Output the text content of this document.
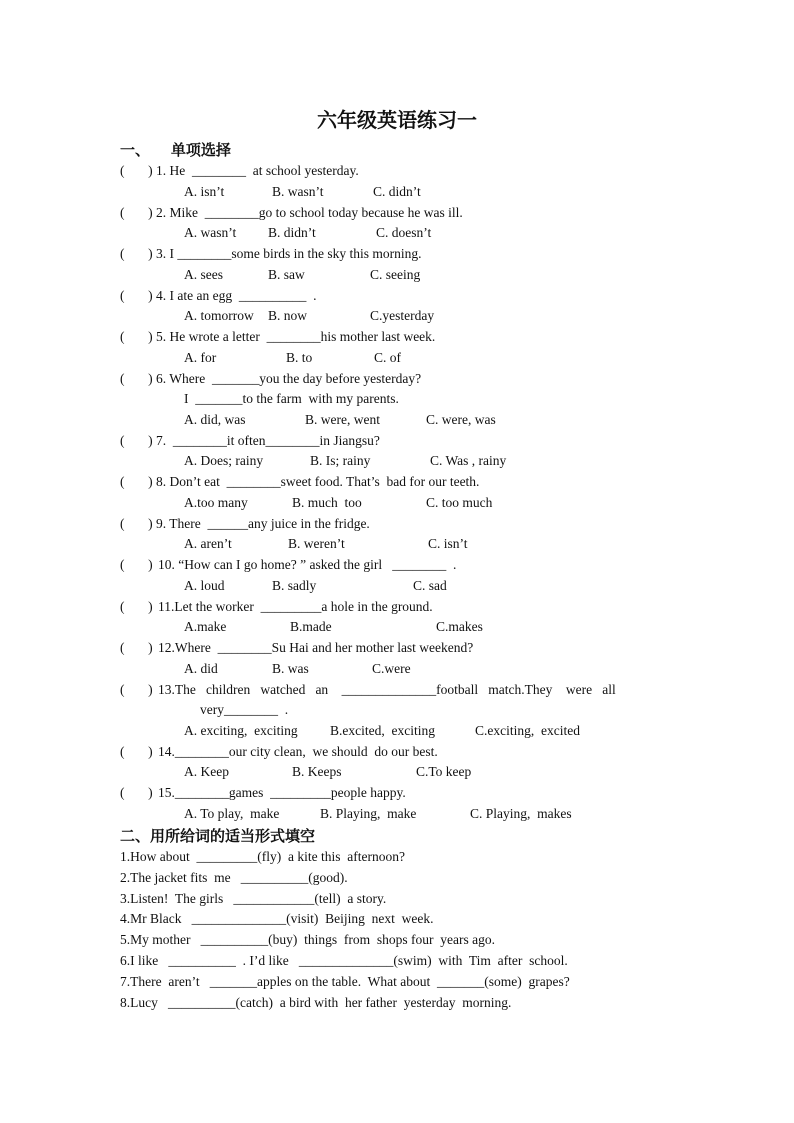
六年级英语练习一
一、    单项选择
(       ) 1. He  ________  at school yesterday.
A. isn’t	B. wasn’t	C. didn’t
(       ) 2. Mike  ________go to school today because he was ill.
A. wasn’t B. didn’t	C. doesn’t
(       ) 3. I ________some birds in the sky this morning.
A. sees	B. saw	C. seeing
(       ) 4. I ate an egg  __________  .
A. tomorrow B. now	C.yesterday
(       ) 5. He wrote a letter  ________his mother last week.
A. for	B. to	C. of
(       ) 6. Where  _______you the day before yesterday?
I  _______to the farm  with my parents.
A. did, was	B. were, went	C. were, was
(       ) 7.  ________it often________in Jiangsu?
A. Does; rainy	B. Is; rainy	C. Was , rainy
(       ) 8. Don’t eat  ________sweet food. That’s  bad for our teeth.
A.too many	B. much  too	C. too much
(       ) 9. There  ______any juice in the fridge.
A. aren’t	B. weren’t	C. isn’t
(       ) 10. “How can I go home? ” asked the girl   ________  .
A. loud	B. sadly	C. sad
(       ) 11.Let the worker  _________a hole in the ground.
A.make	B.made	C.makes
(       ) 12.Where  ________Su Hai and her mother last weekend?
A. did	B. was	C.were
(       ) 13.The   children   watched   an    ______________football   match.They    were   all
very________  .
A. exciting,  exciting B.excited,  exciting	C.exciting,  excited
(       ) 14.________our city clean,  we should  do our best.
A. Keep	B. Keeps	C.To keep
(       ) 15.________games  _________people happy.
A. To play,  make	B. Playing,  make	C. Playing,  makes
二、用所给词的适当形式填空
1.How about  _________(fly)  a kite this  afternoon?
2.The jacket fits  me   __________(good).
3.Listen!  The girls   ____________(tell)  a story.
4.Mr Black   ______________(visit)  Beijing  next  week.
5.My mother   __________(buy)  things  from  shops four  years ago.
6.I like   __________  . I’d like   ______________(swim)  with  Tim  after  school.
7.There  aren’t   _______apples on the table.  What about  _______(some)  grapes?
8.Lucy   __________(catch)  a bird with  her father  yesterday  morning.
